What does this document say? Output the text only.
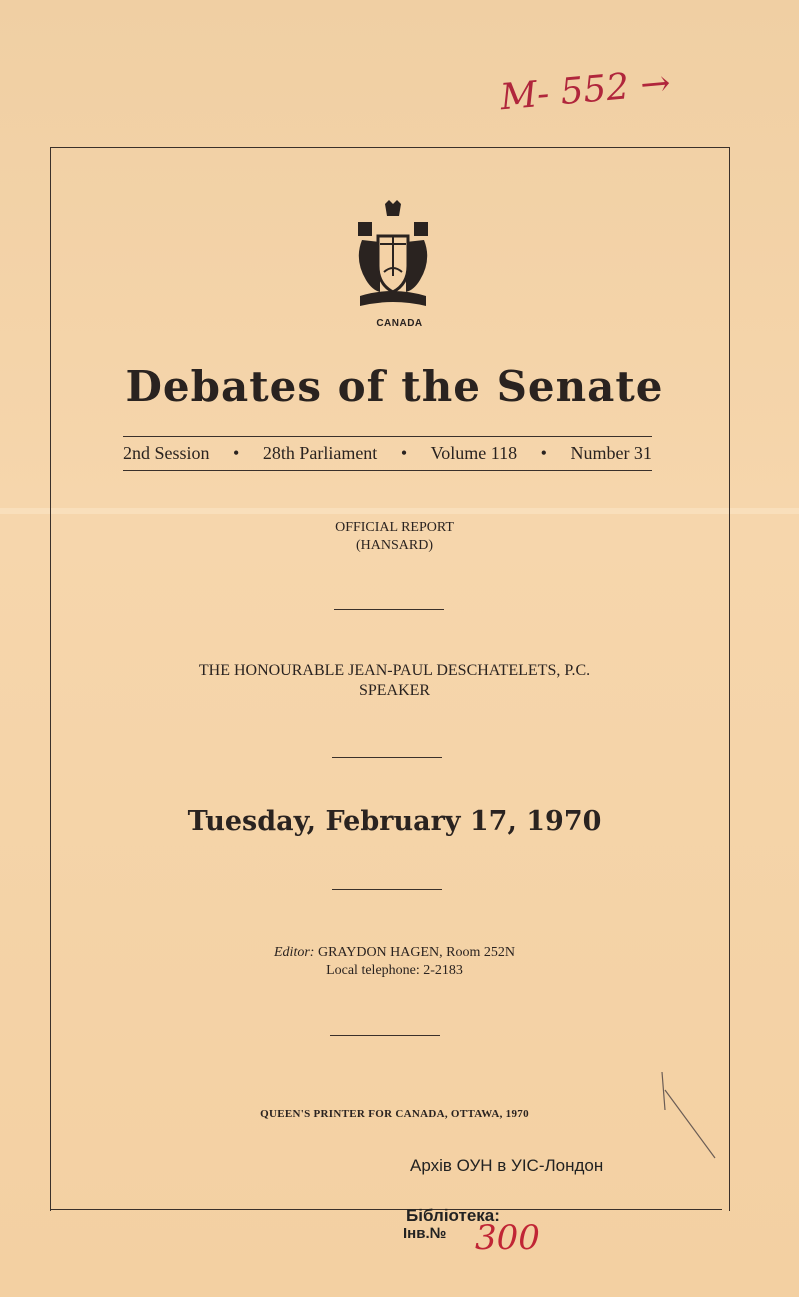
M- 552 →
CANADA
Debates of the Senate
2nd Session • 28th Parliament • Volume 118 • Number 31
OFFICIAL REPORT
(HANSARD)
THE HONOURABLE JEAN-PAUL DESCHATELETS, P.C.
SPEAKER
Tuesday, February 17, 1970
Editor: GRAYDON HAGEN, Room 252N
Local telephone: 2-2183
QUEEN'S PRINTER FOR CANADA, OTTAWA, 1970
Архів ОУН в УІС-Лондон
Бібліотека:
Інв.№ 300
